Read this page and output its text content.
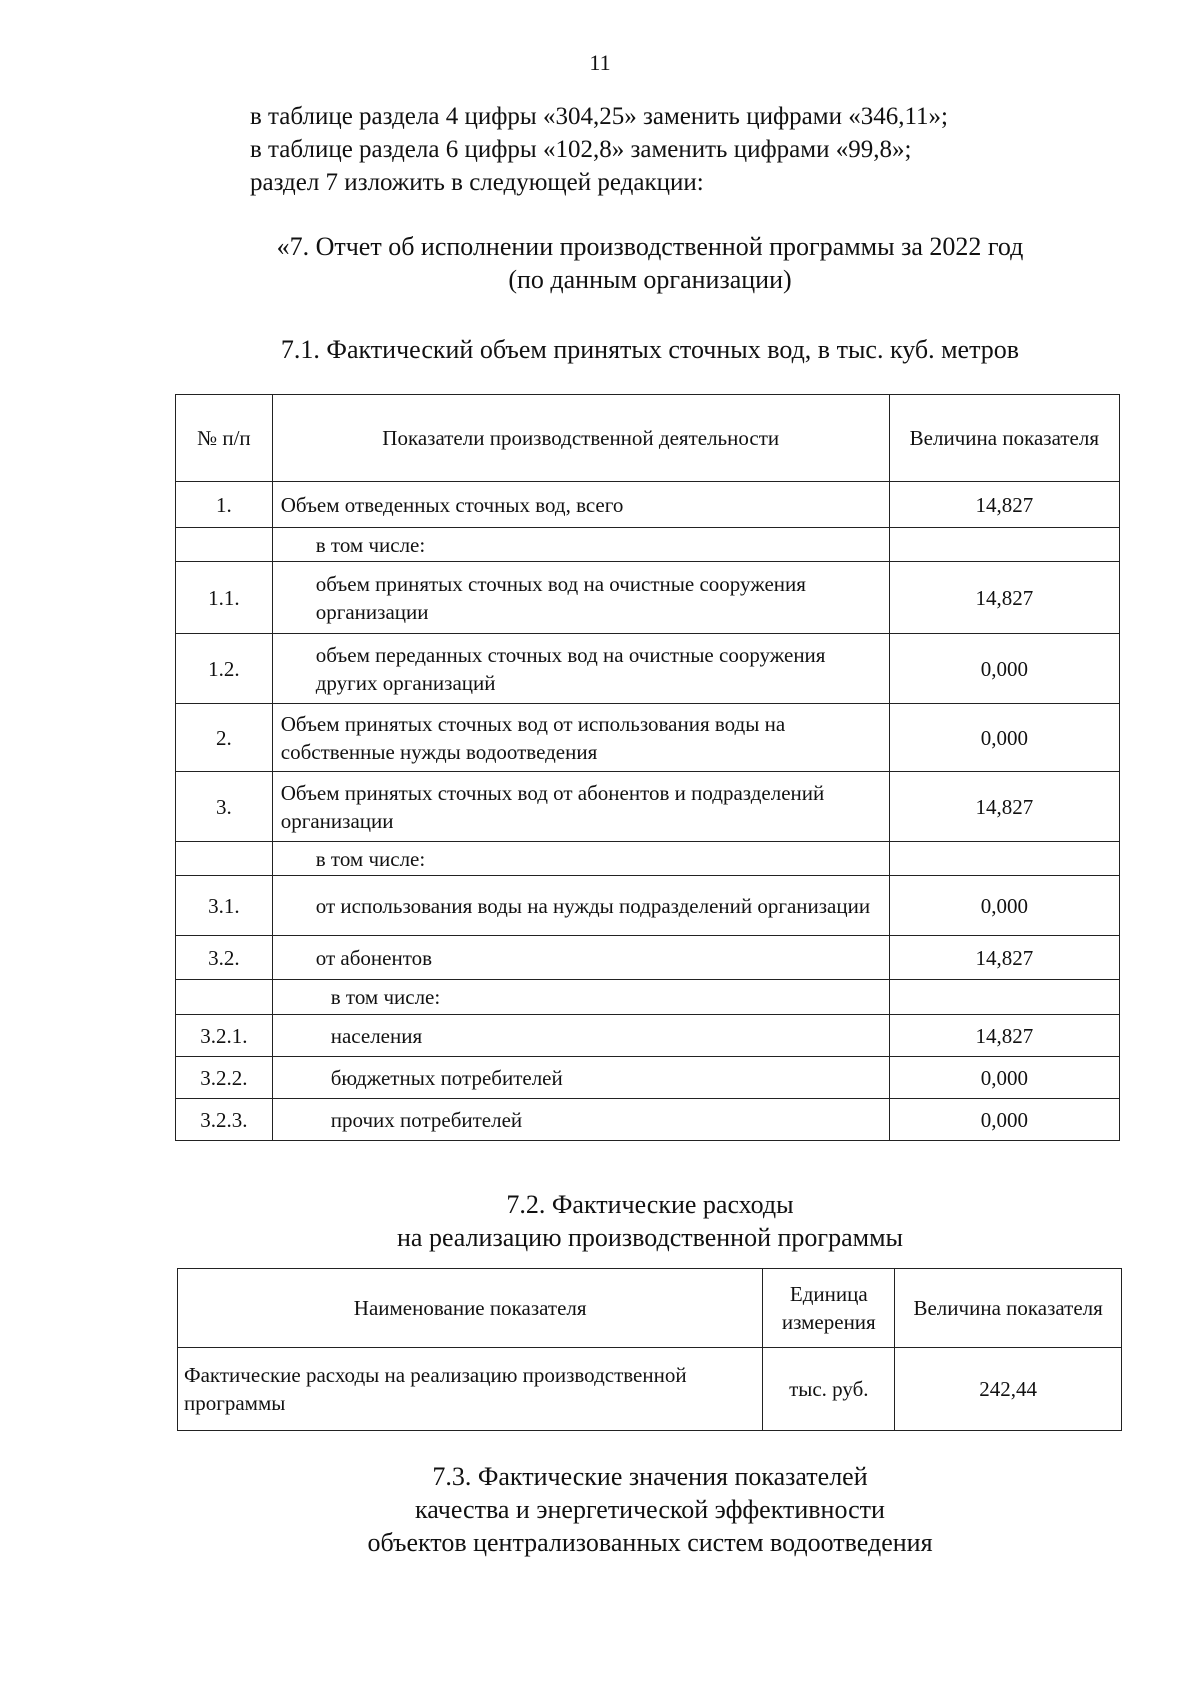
11

в таблице раздела 4 цифры «304,25» заменить цифрами «346,11»;

в таблице раздела 6 цифры «102,8» заменить цифрами «99,8»;

раздел 7 изложить в следующей редакции:

«7. Отчет об исполнении производственной программы за 2022 год

(по данным организации)

7.1. Фактический объем принятых сточных вод, в тыс. куб. метров

№ п/п	Показатели производственной деятельности	Величина показателя
1.	Объем отведенных сточных вод, всего	14,827
	в том числе:	
1.1.	объем принятых сточных вод на очистные сооружения организации	14,827
1.2.	объем переданных сточных вод на очистные сооружения других организаций	0,000
2.	Объем принятых сточных вод от использования воды на собственные нужды водоотведения	0,000
3.	Объем принятых сточных вод от абонентов и подразделений организации	14,827
	в том числе:	
3.1.	от использования воды на нужды подразделений организации	0,000
3.2.	от абонентов	14,827
	в том числе:	
3.2.1.	населения	14,827
3.2.2.	бюджетных потребителей	0,000
3.2.3.	прочих потребителей	0,000

7.2. Фактические расходы

на реализацию производственной программы

Наименование показателя	Единица измерения	Величина показателя
Фактические расходы на реализацию производственной программы	тыс. руб.	242,44

7.3. Фактические значения показателей

качества и энергетической эффективности

объектов централизованных систем водоотведения
